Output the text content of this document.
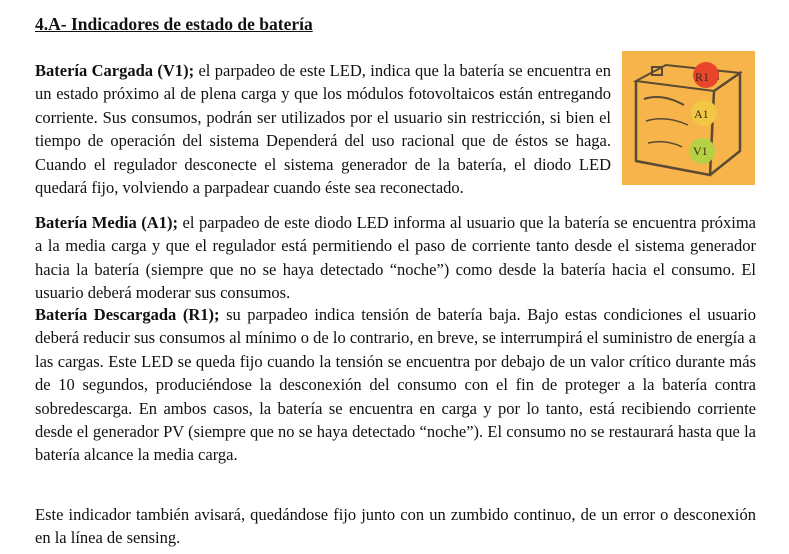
4.A- Indicadores de estado de batería
R1
A1
V1

Batería Cargada (V1); el parpadeo de este LED, indica que la batería se encuentra en un estado próximo al de plena carga y que los módulos fotovoltaicos están entregando corriente. Sus consumos, podrán ser utilizados por el usuario sin restricción, si bien el tiempo de operación del sistema Dependerá del uso racional que de éstos se haga. Cuando el regulador desconecte el sistema generador de la batería, el diodo LED quedará fijo, volviendo a parpadear cuando éste sea reconectado.

Batería Media (A1); el parpadeo de este diodo LED informa al usuario que la batería se encuentra próxima a la media carga y que el regulador está permitiendo el paso de corriente tanto desde el sistema generador hacia la batería (siempre que no se haya detectado “noche”) como desde la batería hacia el consumo. El usuario deberá moderar sus consumos.

Batería Descargada (R1); su parpadeo indica tensión de batería baja. Bajo estas condiciones el usuario deberá reducir sus consumos al mínimo o de lo contrario, en breve, se interrumpirá el suministro de energía a las cargas. Este LED se queda fijo cuando la tensión se encuentra por debajo de un valor crítico durante más de 10 segundos, produciéndose la desconexión del consumo con el fin de proteger a la batería contra sobredescarga. En ambos casos, la batería se encuentra en carga y por lo tanto, está recibiendo corriente desde el generador PV (siempre que no se haya detectado “noche”). El consumo no se restaurará hasta que la batería alcance la media carga.

Este indicador también avisará, quedándose fijo junto con un zumbido continuo, de un error o desconexión en la línea de sensing.
